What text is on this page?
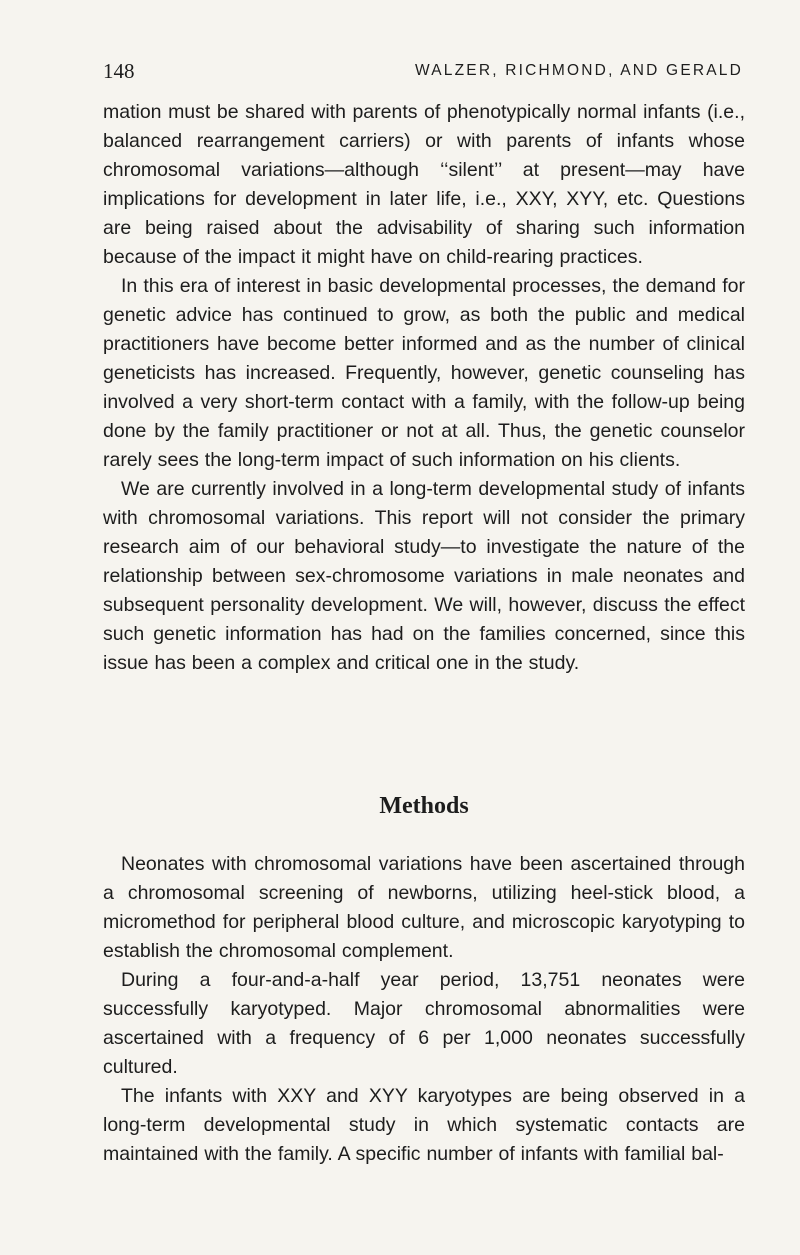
148	WALZER, RICHMOND, AND GERALD

mation must be shared with parents of phenotypically normal infants (i.e., balanced rearrangement carriers) or with parents of infants whose chromosomal variations—although ‘‘silent’’ at present—may have implications for development in later life, i.e., XXY, XYY, etc. Questions are being raised about the advisability of sharing such information because of the impact it might have on child-rearing practices.

In this era of interest in basic developmental processes, the demand for genetic advice has continued to grow, as both the public and medical practitioners have become better informed and as the number of clinical geneticists has increased. Frequently, however, genetic counseling has involved a very short-term contact with a family, with the follow-up being done by the family practitioner or not at all. Thus, the genetic counselor rarely sees the long-term impact of such information on his clients.

We are currently involved in a long-term developmental study of infants with chromosomal variations. This report will not consider the primary research aim of our behavioral study—to investigate the nature of the relationship between sex-chromosome variations in male neonates and subsequent personality development. We will, however, discuss the effect such genetic information has had on the families concerned, since this issue has been a complex and critical one in the study.

Methods

Neonates with chromosomal variations have been ascertained through a chromosomal screening of newborns, utilizing heel-stick blood, a micromethod for peripheral blood culture, and microscopic karyotyping to establish the chromosomal complement.

During a four-and-a-half year period, 13,751 neonates were successfully karyotyped. Major chromosomal abnormalities were ascertained with a frequency of 6 per 1,000 neonates successfully cultured.

The infants with XXY and XYY karyotypes are being observed in a long-term developmental study in which systematic contacts are maintained with the family. A specific number of infants with familial bal-
